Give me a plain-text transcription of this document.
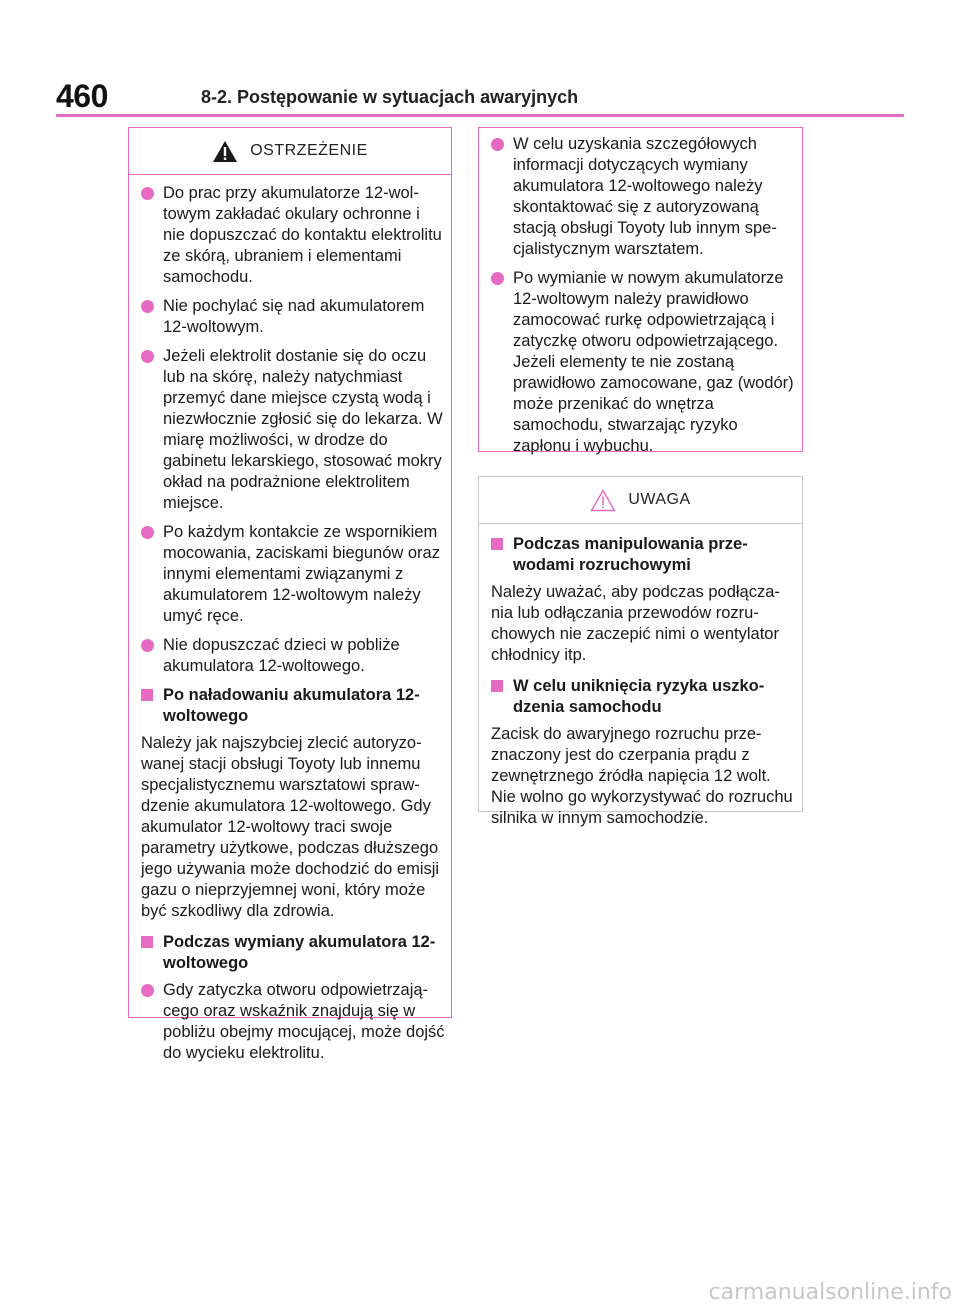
460	8-2. Postępowanie w sytuacjach awaryjnych
OSTRZEŻENIE
Do prac przy akumulatorze 12-woltowym zakładać okulary ochronne i nie dopuszczać do kontaktu elektrolitu ze skórą, ubraniem i elementami samochodu.
Nie pochylać się nad akumulatorem 12-woltowym.
Jeżeli elektrolit dostanie się do oczu lub na skórę, należy natychmiast przemyć dane miejsce czystą wodą i niezwłocznie zgłosić się do lekarza. W miarę możliwości, w drodze do gabinetu lekarskiego, stosować mokry okład na podrażnione elektrolitem miejsce.
Po każdym kontakcie ze wspornikiem mocowania, zaciskami biegunów oraz innymi elementami związanymi z akumulatorem 12-woltowym należy umyć ręce.
Nie dopuszczać dzieci w pobliże akumulatora 12-woltowego.
Po naładowaniu akumulatora 12-woltowego
Należy jak najszybciej zlecić autoryzowanej stacji obsługi Toyoty lub innemu specjalistycznemu warsztatowi sprawdzenie akumulatora 12-woltowego. Gdy akumulator 12-woltowy traci swoje parametry użytkowe, podczas dłuższego jego używania może dochodzić do emisji gazu o nieprzyjemnej woni, który może być szkodliwy dla zdrowia.
Podczas wymiany akumulatora 12-woltowego
Gdy zatyczka otworu odpowietrzającego oraz wskaźnik znajdują się w pobliżu obejmy mocującej, może dojść do wycieku elektrolitu.
W celu uzyskania szczegółowych informacji dotyczących wymiany akumulatora 12-woltowego należy skontaktować się z autoryzowaną stacją obsługi Toyoty lub innym specjalistycznym warsztatem.
Po wymianie w nowym akumulatorze 12-woltowym należy prawidłowo zamocować rurkę odpowietrzającą i zatyczkę otworu odpowietrzającego. Jeżeli elementy te nie zostaną prawidłowo zamocowane, gaz (wodór) może przenikać do wnętrza samochodu, stwarzając ryzyko zapłonu i wybuchu.
UWAGA
Podczas manipulowania przewodami rozruchowymi
Należy uważać, aby podczas podłączania lub odłączania przewodów rozruchowych nie zaczepić nimi o wentylator chłodnicy itp.
W celu uniknięcia ryzyka uszkodzenia samochodu
Zacisk do awaryjnego rozruchu przeznaczony jest do czerpania prądu z zewnętrznego źródła napięcia 12 wolt. Nie wolno go wykorzystywać do rozruchu silnika w innym samochodzie.
carmanualsonline.info
